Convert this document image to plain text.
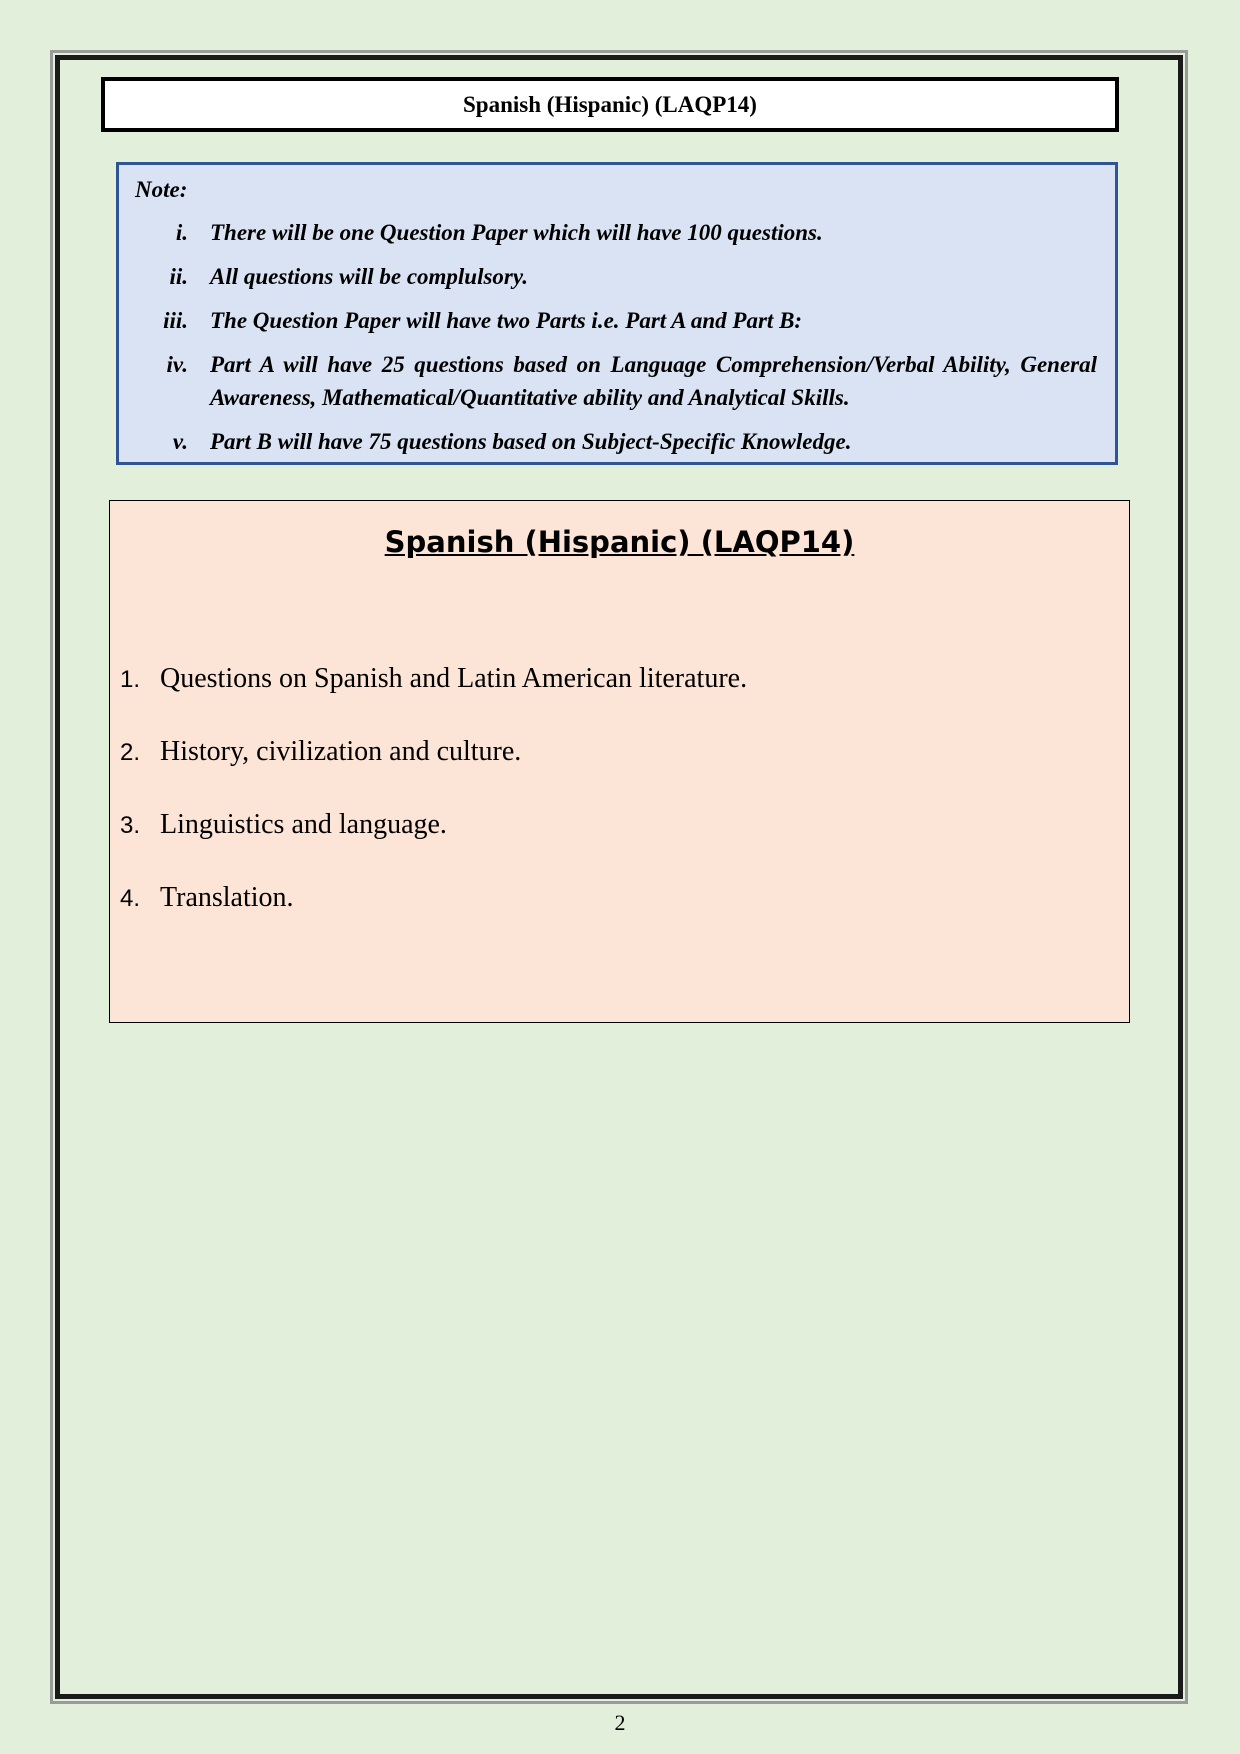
Spanish (Hispanic) (LAQP14)
Note:
i. There will be one Question Paper which will have 100 questions.
ii. All questions will be complulsory.
iii. The Question Paper will have two Parts i.e. Part A and Part B:
iv. Part A will have 25 questions based on Language Comprehension/Verbal Ability, General Awareness, Mathematical/Quantitative ability and Analytical Skills.
v. Part B will have 75 questions based on Subject-Specific Knowledge.
Spanish (Hispanic) (LAQP14)
1. Questions on Spanish and Latin American literature.
2. History, civilization and culture.
3. Linguistics and language.
4. Translation.
2
